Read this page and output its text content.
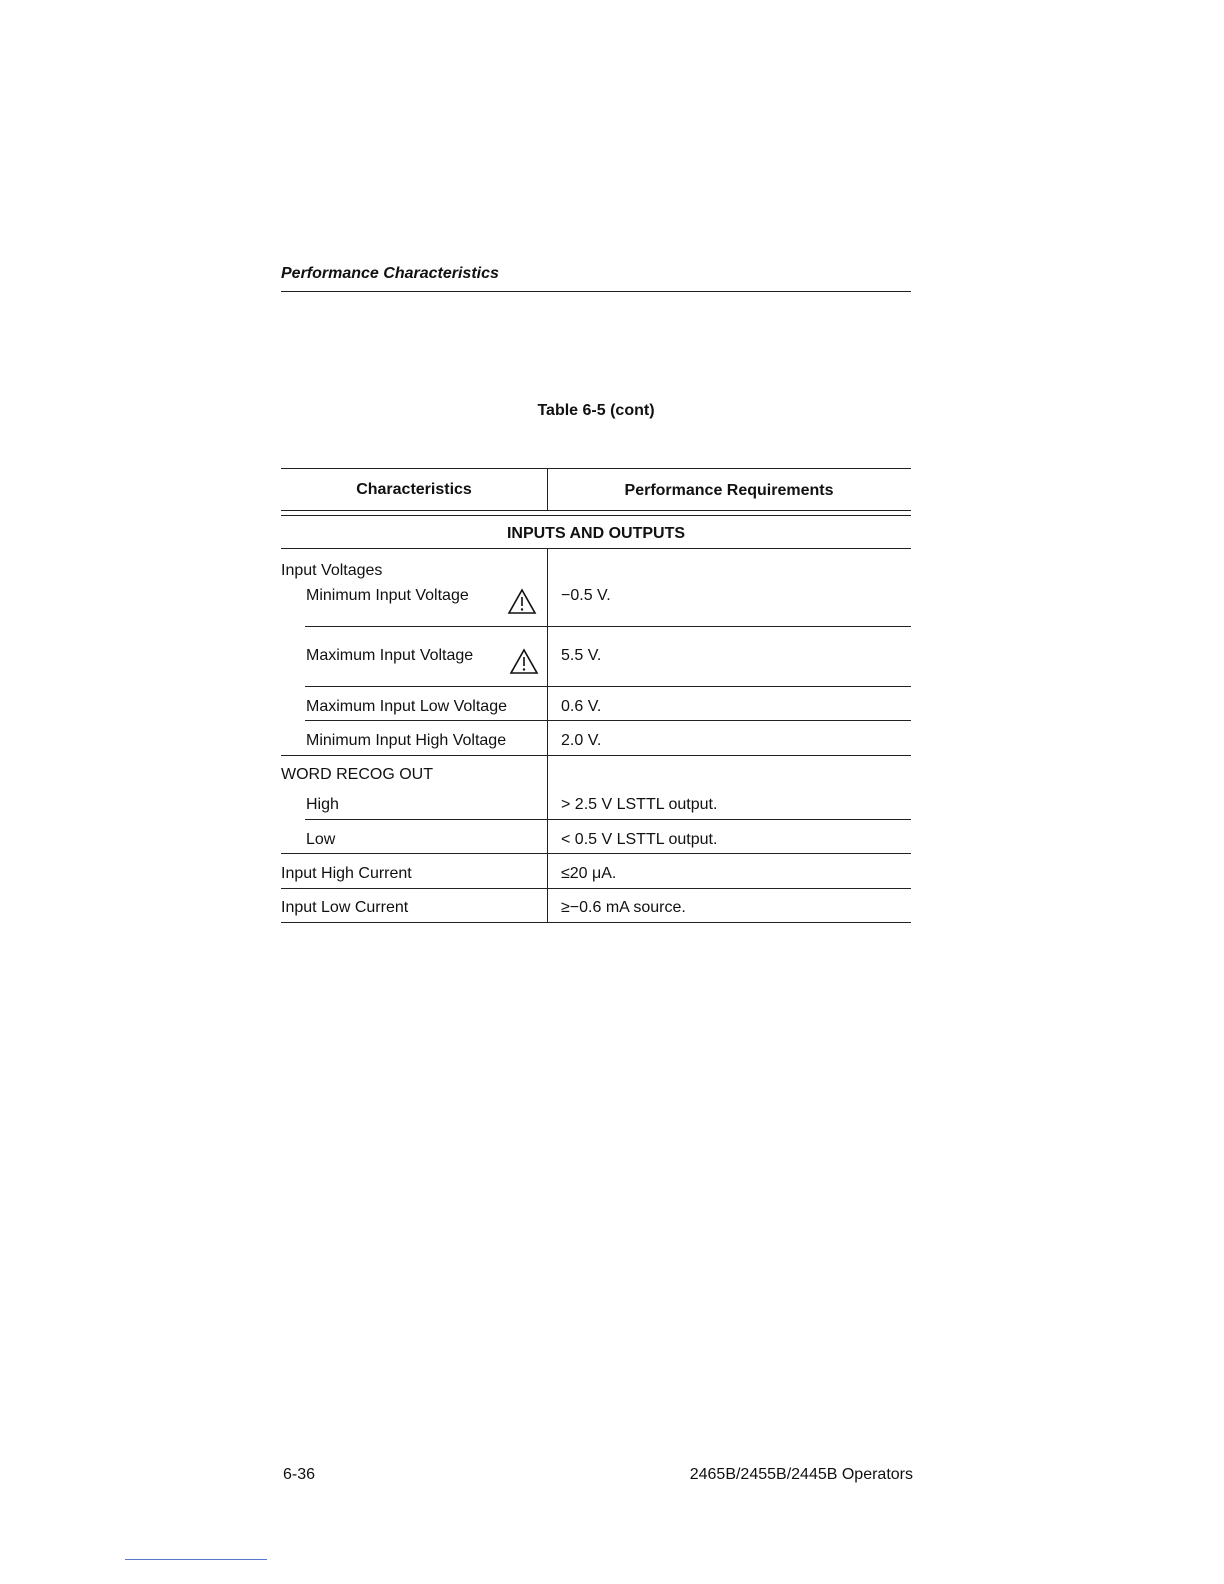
Performance Characteristics
Table 6-5 (cont)
Characteristics	Performance Requirements
INPUTS AND OUTPUTS
Input Voltages
Minimum Input Voltage	−0.5 V.
Maximum Input Voltage	5.5 V.
Maximum Input Low Voltage	0.6 V.
Minimum Input High Voltage	2.0 V.
WORD RECOG OUT
High	> 2.5 V LSTTL output.
Low	< 0.5 V LSTTL output.
Input High Current	≤20 μA.
Input Low Current	≥−0.6 mA source.
6-36	2465B/2455B/2445B Operators
